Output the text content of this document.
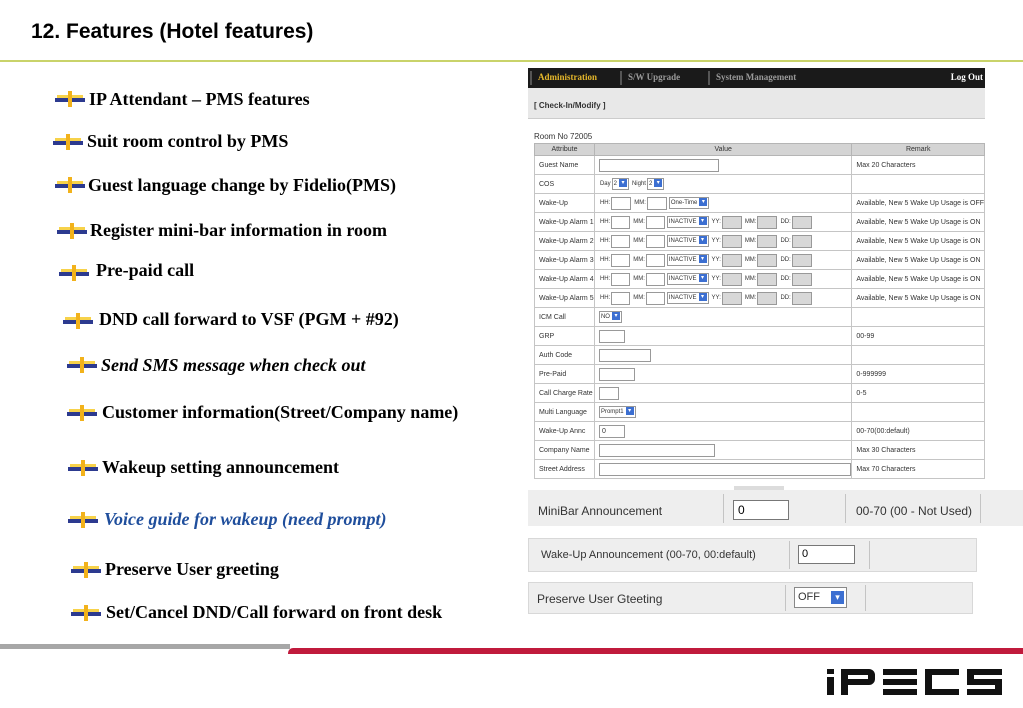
12. Features (Hotel features)
IP Attendant – PMS features
Suit room control by PMS
Guest language change by Fidelio(PMS)
Register mini-bar information in room
Pre-paid call
DND call forward to VSF (PGM + #92)
Send SMS message when check out
Customer information(Street/Company name)
Wakeup setting announcement
Voice guide for wakeup (need prompt)
Preserve User greeting
Set/Cancel DND/Call forward on front desk
Administration	S/W Upgrade	System Management	Log Out
[ Check-In/Modify ]
Room No 72005
Attribute	Value	Remark
Guest Name		Max 20 Characters
COS	Day 2 ▾ Night 2 ▾	
Wake-Up	HH: MM: One-Time ▾	Available, New 5 Wake Up Usage is OFF
Wake-Up Alarm 1	HH: MM: INACTIVE ▾ YY: MM: DD:	Available, New 5 Wake Up Usage is ON
Wake-Up Alarm 2	HH: MM: INACTIVE ▾ YY: MM: DD:	Available, New 5 Wake Up Usage is ON
Wake-Up Alarm 3	HH: MM: INACTIVE ▾ YY: MM: DD:	Available, New 5 Wake Up Usage is ON
Wake-Up Alarm 4	HH: MM: INACTIVE ▾ YY: MM: DD:	Available, New 5 Wake Up Usage is ON
Wake-Up Alarm 5	HH: MM: INACTIVE ▾ YY: MM: DD:	Available, New 5 Wake Up Usage is ON
ICM Call	NO ▾	
GRP		00-99
Auth Code		
Pre-Paid		0-999999
Call Charge Rate		0-5
Multi Language	Prompt1 ▾	
Wake-Up Annc	0	00-70(00:default)
Company Name		Max 30 Characters
Street Address		Max 70 Characters
MiniBar Announcement	0	00-70 (00 - Not Used)
Wake-Up Announcement (00-70, 00:default)	0
Preserve User Gteeting	OFF	▾
